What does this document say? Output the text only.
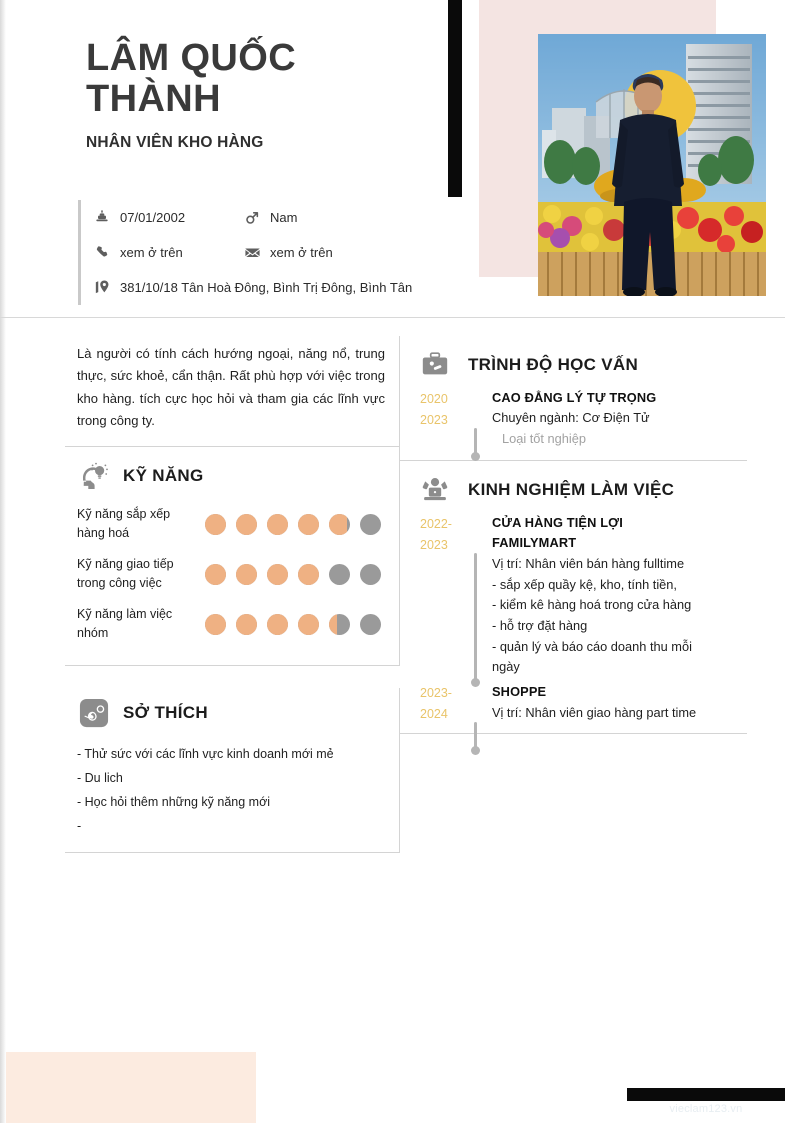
LÂM QUỐC
THÀNH
NHÂN VIÊN KHO HÀNG
07/01/2002	Nam
xem ở trên	xem ở trên
381/10/18 Tân Hoà Đông, Bình Trị Đông, Bình Tân
Là người có tính cách hướng ngoại, năng nổ, trung thực, sức khoẻ, cẩn thận. Rất phù hợp với việc trong kho hàng. tích cực học hỏi và tham gia các lĩnh vực trong công ty.
KỸ NĂNG
Kỹ năng sắp xếp hàng hoá
Kỹ năng giao tiếp trong công việc
Kỹ năng làm việc nhóm
SỞ THÍCH
- Thử sức với các lĩnh vực kinh doanh mới mẻ
- Du lich
- Học hỏi thêm những kỹ năng mới
-
TRÌNH ĐỘ HỌC VẤN
2020
2023
CAO ĐẲNG LÝ TỰ TRỌNG
Chuyên ngành: Cơ Điện Tử
Loại tốt nghiệp
KINH NGHIỆM LÀM VIỆC
2022-
2023
CỬA HÀNG TIỆN LỢI FAMILYMART
Vị trí: Nhân viên bán hàng fulltime
- sắp xếp quầy kệ, kho, tính tiền,
- kiểm kê hàng hoá trong cửa hàng
- hỗ trợ đặt hàng
- quản lý và báo cáo doanh thu mỗi ngày
2023-
2024
SHOPPE
Vị trí: Nhân viên giao hàng part time
vieclam123.vn
